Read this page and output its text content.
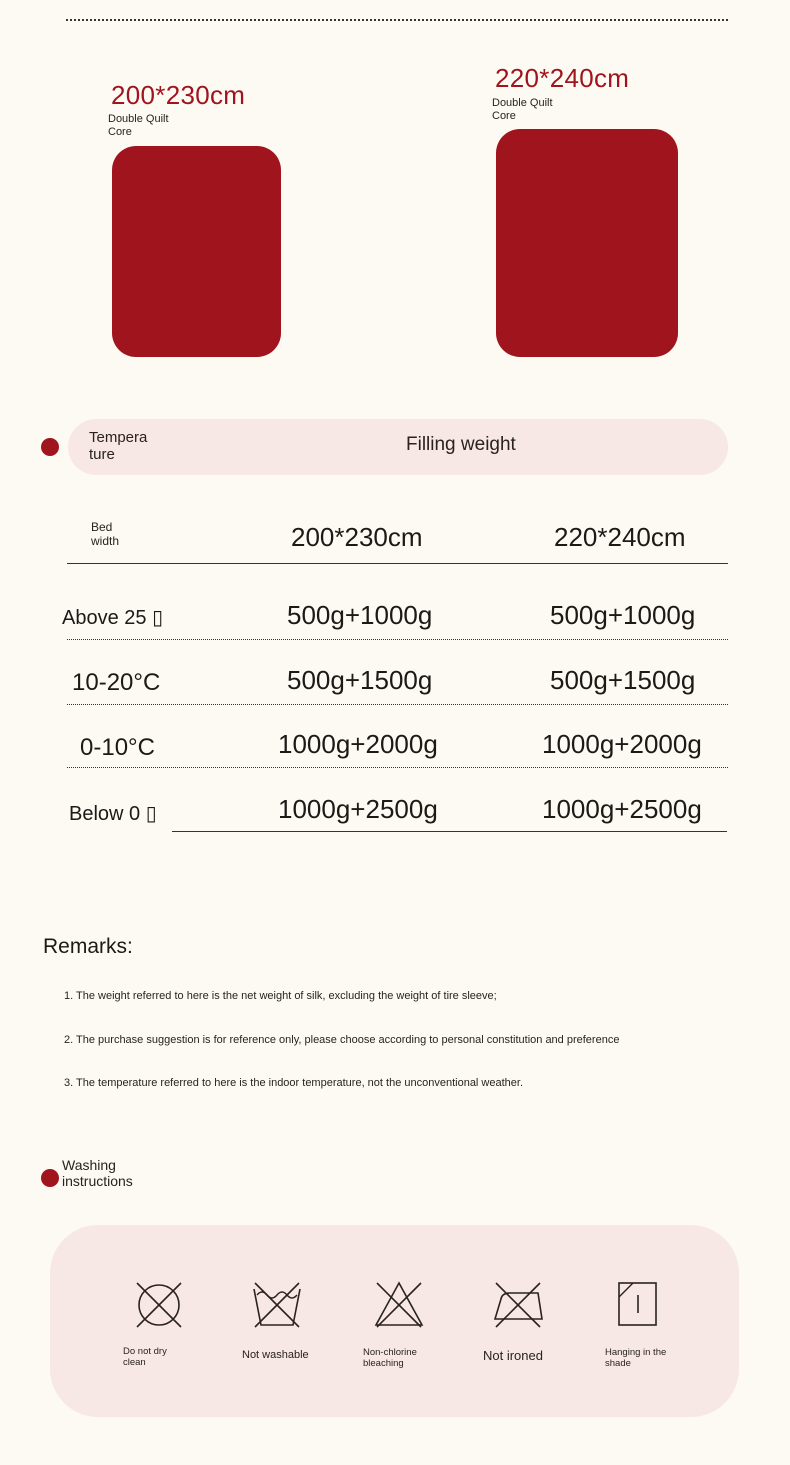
200*230cm
Double Quilt
Core
220*240cm
Double Quilt
Core
Tempera
ture	Filling weight
Bed
width	200*230cm	220*240cm
Above 25 ▯	500g+1000g	500g+1000g
10-20°C	500g+1500g	500g+1500g
0-10°C	1000g+2000g	1000g+2000g
Below 0 ▯	1000g+2500g	1000g+2500g
Remarks:
1. The weight referred to here is the net weight of silk, excluding the weight of tire sleeve;
2. The purchase suggestion is for reference only, please choose according to personal constitution and preference
3. The temperature referred to here is the indoor temperature, not the unconventional weather.
Washing
instructions
Do not dry
clean
Not washable	Non-chlorine
bleaching
Not ironed	Hanging in the
shade
